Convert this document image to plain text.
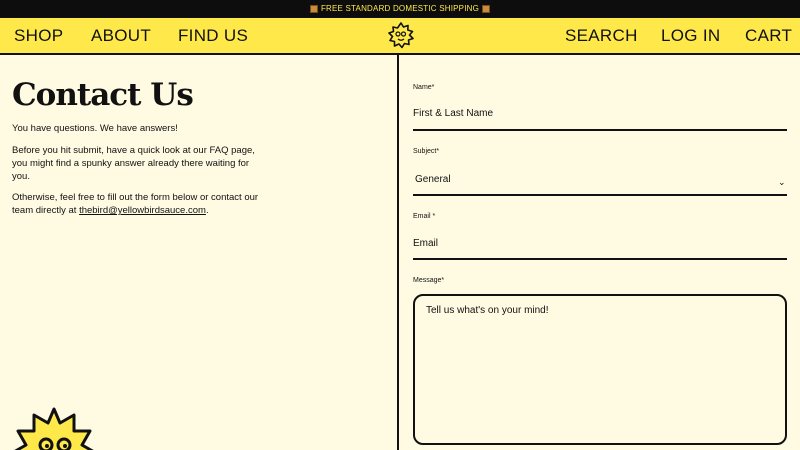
FREE STANDARD DOMESTIC SHIPPING
SHOP ABOUT FIND US	SEARCH LOG IN CART
Contact Us

You have questions. We have answers!

Before you hit submit, have a quick look at our FAQ page, you might find a spunky answer already there waiting for you.

Otherwise, feel free to fill out the form below or contact our team directly at thebird@yellowbirdsauce.com.

Name*
First & Last Name
Subject*
General	⌄
Email *
Email
Message*
Tell us what's on your mind!
